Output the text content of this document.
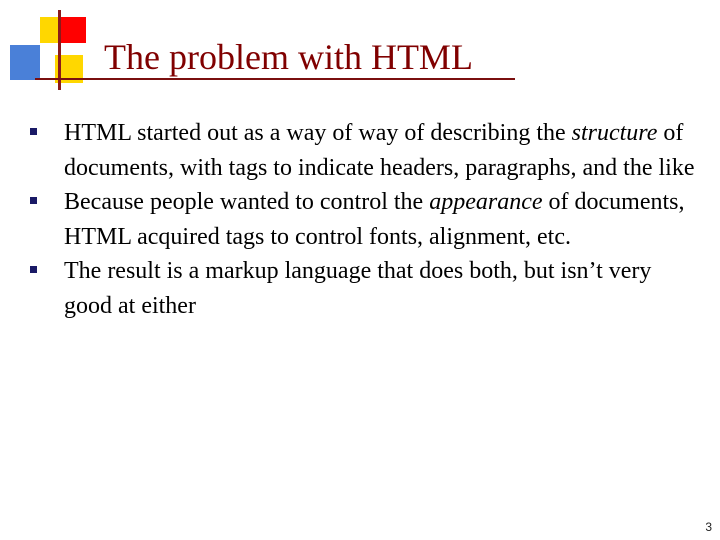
The problem with HTML
HTML started out as a way of way of describing the structure of documents, with tags to indicate headers, paragraphs, and the like
Because people wanted to control the appearance of documents, HTML acquired tags to control fonts, alignment, etc.
The result is a markup language that does both, but isn’t very good at either
3
